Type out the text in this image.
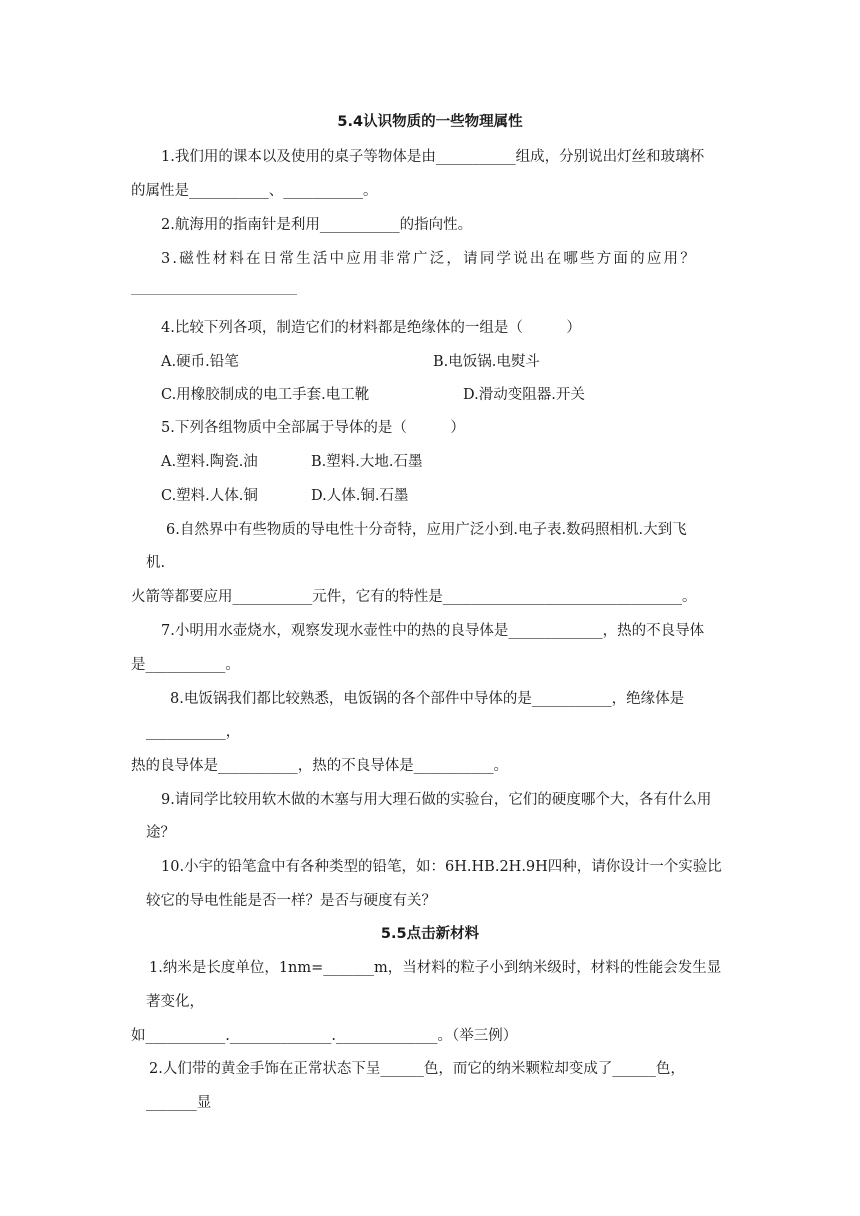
5.4认识物质的一些物理属性
1.我们用的课本以及使用的桌子等物体是由___________组成，分别说出灯丝和玻璃杯
的属性是___________、___________。
2.航海用的指南针是利用___________的指向性。
3.磁性材料在日常生活中应用非常广泛，请同学说出在哪些方面的应用？
4.比较下列各项，制造它们的材料都是绝缘体的一组是（　　　）
A.硬币.铅笔	B.电饭锅.电熨斗
C.用橡胶制成的电工手套.电工靴	D.滑动变阻器.开关
5.下列各组物质中全部属于导体的是（　　　）
A.塑料.陶瓷.油	B.塑料.大地.石墨
C.塑料.人体.铜	D.人体.铜.石墨
6.自然界中有些物质的导电性十分奇特，应用广泛小到.电子表.数码照相机.大到飞
机.
火箭等都要应用___________元件，它有的特性是_________________________________。
7.小明用水壶烧水，观察发现水壶性中的热的良导体是_____________，热的不良导体
是___________。
8.电饭锅我们都比较熟悉，电饭锅的各个部件中导体的是___________，绝缘体是
___________，
热的良导体是___________，热的不良导体是___________。
9.请同学比较用软木做的木塞与用大理石做的实验台，它们的硬度哪个大，各有什么用
途？
10.小宇的铅笔盒中有各种类型的铅笔，如：6H.HB.2H.9H四种，请你设计一个实验比
较它的导电性能是否一样？是否与硬度有关？
5.5点击新材料
1.纳米是长度单位，1nm=_______m，当材料的粒子小到纳米级时，材料的性能会发生显
著变化，
如___________.______________.______________。（举三例）
2.人们带的黄金手饰在正常状态下呈______色，而它的纳米颗粒却变成了______色，
_______显
